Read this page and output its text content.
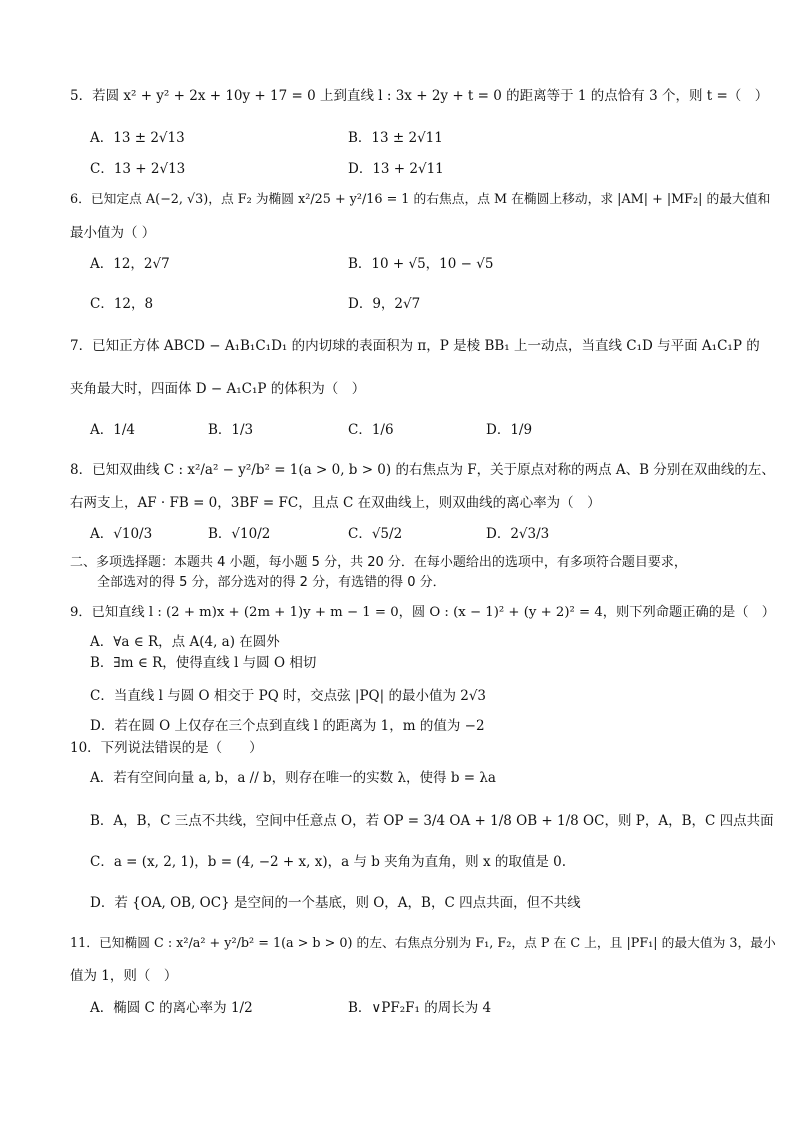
5．若圆 x² + y² + 2x + 10y + 17 = 0 上到直线 l : 3x + 2y + t = 0 的距离等于 1 的点恰有 3 个，则 t =（　）
A．13 ± 2√13	B．13 ± 2√11
C．13 + 2√13	D．13 + 2√11
6．已知定点 A(−2, √3)，点 F₂ 为椭圆 x²/25 + y²/16 = 1 的右焦点，点 M 在椭圆上移动，求 |AM| + |MF₂| 的最大值和
最小值为（ ）
A．12，2√7	B．10 + √5，10 − √5
C．12，8	D．9，2√7
7．已知正方体 ABCD − A₁B₁C₁D₁ 的内切球的表面积为 π，P 是棱 BB₁ 上一动点，当直线 C₁D 与平面 A₁C₁P 的
夹角最大时，四面体 D − A₁C₁P 的体积为（　）
A．1/4	B．1/3	C．1/6	D．1/9
8．已知双曲线 C : x²/a² − y²/b² = 1(a > 0, b > 0) 的右焦点为 F，关于原点对称的两点 A、B 分别在双曲线的左、
右两支上，AF · FB = 0，3BF = FC，且点 C 在双曲线上，则双曲线的离心率为（　）
A．√10/3	B．√10/2	C．√5/2	D．2√3/3
二、多项选择题：本题共 4 小题，每小题 5 分，共 20 分．在每小题给出的选项中，有多项符合题目要求，
全部选对的得 5 分，部分选对的得 2 分，有选错的得 0 分．
9．已知直线 l : (2 + m)x + (2m + 1)y + m − 1 = 0，圆 O : (x − 1)² + (y + 2)² = 4，则下列命题正确的是（　）
A．∀a ∈ R，点 A(4, a) 在圆外
B．∃m ∈ R，使得直线 l 与圆 O 相切
C．当直线 l 与圆 O 相交于 PQ 时，交点弦 |PQ| 的最小值为 2√3
D．若在圆 O 上仅存在三个点到直线 l 的距离为 1，m 的值为 −2
10．下列说法错误的是（　　）
A．若有空间向量 a, b，a // b，则存在唯一的实数 λ，使得 b = λa
B．A，B，C 三点不共线，空间中任意点 O，若 OP = 3/4 OA + 1/8 OB + 1/8 OC，则 P，A，B，C 四点共面
C．a = (x, 2, 1)，b = (4, −2 + x, x)，a 与 b 夹角为直角，则 x 的取值是 0.
D．若 {OA, OB, OC} 是空间的一个基底，则 O，A，B，C 四点共面，但不共线
11．已知椭圆 C : x²/a² + y²/b² = 1(a > b > 0) 的左、右焦点分别为 F₁, F₂，点 P 在 C 上，且 |PF₁| 的最大值为 3，最小
值为 1，则（　）
A．椭圆 C 的离心率为 1/2	B．∨PF₂F₁ 的周长为 4
